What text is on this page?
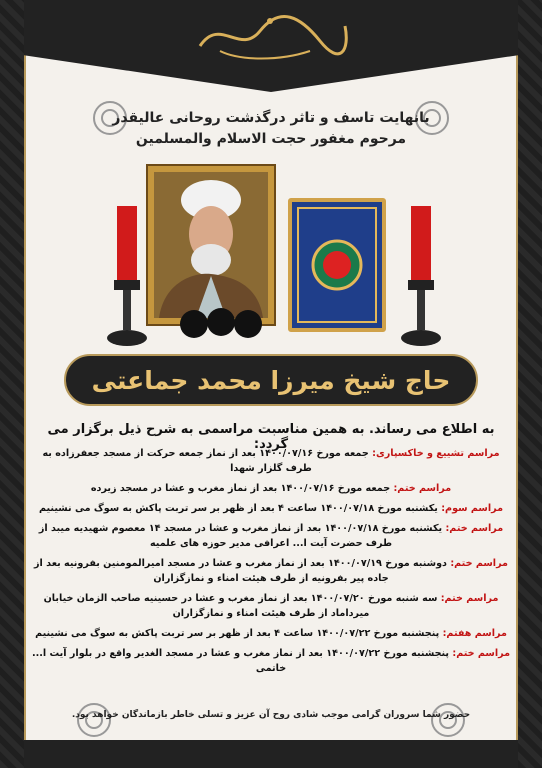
بانهایت تاسف و تاثر درگذشت روحانی عالیقدر
مرحوم مغفور حجت الاسلام والمسلمین
حاج شیخ میرزا محمد جماعتی
به اطلاع می رساند. به همین مناسبت مراسمی به شرح ذیل برگزار می گردد:
مراسم تشییع و خاکسپاری: جمعه مورخ ۱۴۰۰/۰۷/۱۶ بعد از نماز جمعه حرکت از مسجد جعفرزاده به طرف گلزار شهدا
مراسم ختم: جمعه مورخ ۱۴۰۰/۰۷/۱۶ بعد از نماز مغرب و عشا در مسجد زیرده
مراسم سوم: یکشنبه مورخ ۱۴۰۰/۰۷/۱۸ ساعت ۴ بعد از ظهر بر سر تربت پاکش به سوگ می نشینیم
مراسم ختم: یکشنبه مورخ ۱۴۰۰/۰۷/۱۸ بعد از نماز مغرب و عشا در مسجد ۱۴ معصوم شهیدیه میبد از طرف حضرت آیت ا... اعرافی مدیر حوزه های علمیه
مراسم ختم: دوشنبه مورخ ۱۴۰۰/۰۷/۱۹ بعد از نماز مغرب و عشا در مسجد امیرالمومنین بفرونیه بعد از جاده پیر بفرونیه از طرف هیئت امناء و نمازگزاران
مراسم ختم: سه شنبه مورخ ۱۴۰۰/۰۷/۲۰ بعد از نماز مغرب و عشا در حسینیه صاحب الزمان خیابان میرداماد از طرف هیئت امناء و نمازگزاران
مراسم هفتم: پنجشنبه مورخ ۱۴۰۰/۰۷/۲۲ ساعت ۴ بعد از ظهر بر سر تربت پاکش به سوگ می نشینیم
مراسم ختم: پنجشنبه مورخ ۱۴۰۰/۰۷/۲۲ بعد از نماز مغرب و عشا در مسجد الغدیر واقع در بلوار آیت ا... خاتمی
حضور شما سروران گرامی موجب شادی روح آن عزیز و تسلی خاطر بازماندگان خواهد بود.
